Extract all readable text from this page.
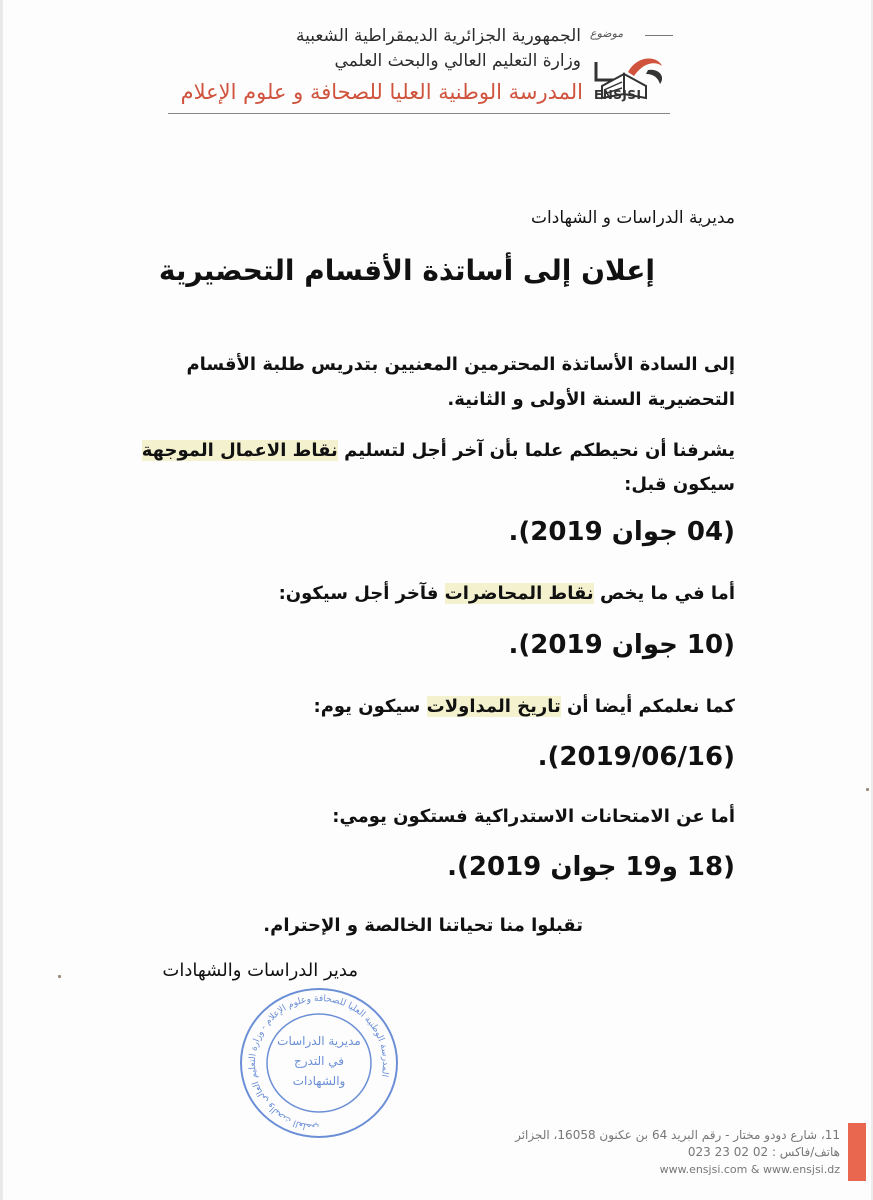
الجمهورية الجزائرية الديمقراطية الشعبية
وزارة التعليم العالي والبحث العلمي
المدرسة الوطنية العليا للصحافة و علوم الإعلام
موضوع
ENSJSI
مديرية الدراسات و الشهادات
إعلان إلى أساتذة الأقسام التحضيرية
إلى السادة الأساتذة المحترمين المعنيين بتدريس طلبة الأقسام
التحضيرية السنة الأولى و الثانية.
يشرفنا أن نحيطكم علما بأن آخر أجل لتسليم نقاط الاعمال الموجهة
سيكون قبل:
(04 جوان 2019).
أما في ما يخص نقاط المحاضرات فآخر أجل سيكون:
(10 جوان 2019).
كما نعلمكم أيضا أن تاريخ المداولات سيكون يوم:
(2019/06/16).
أما عن الامتحانات الاستدراكية فستكون يومي:
(18 و19 جوان 2019).
تقبلوا منا تحياتنا الخالصة و الإحترام.
مدير الدراسات والشهادات
المدرسة الوطنية العليا للصحافة وعلوم الإعلام - وزارة التعليم العالي والبحث العلمي
مديرية الدراسات
في التدرج
والشهادات
11، شارع دودو مختار - رقم البريد 64 بن عكنون 16058، الجزائر
هاتف/فاكس : 02 02 23 023
www.ensjsi.com & www.ensjsi.dz
